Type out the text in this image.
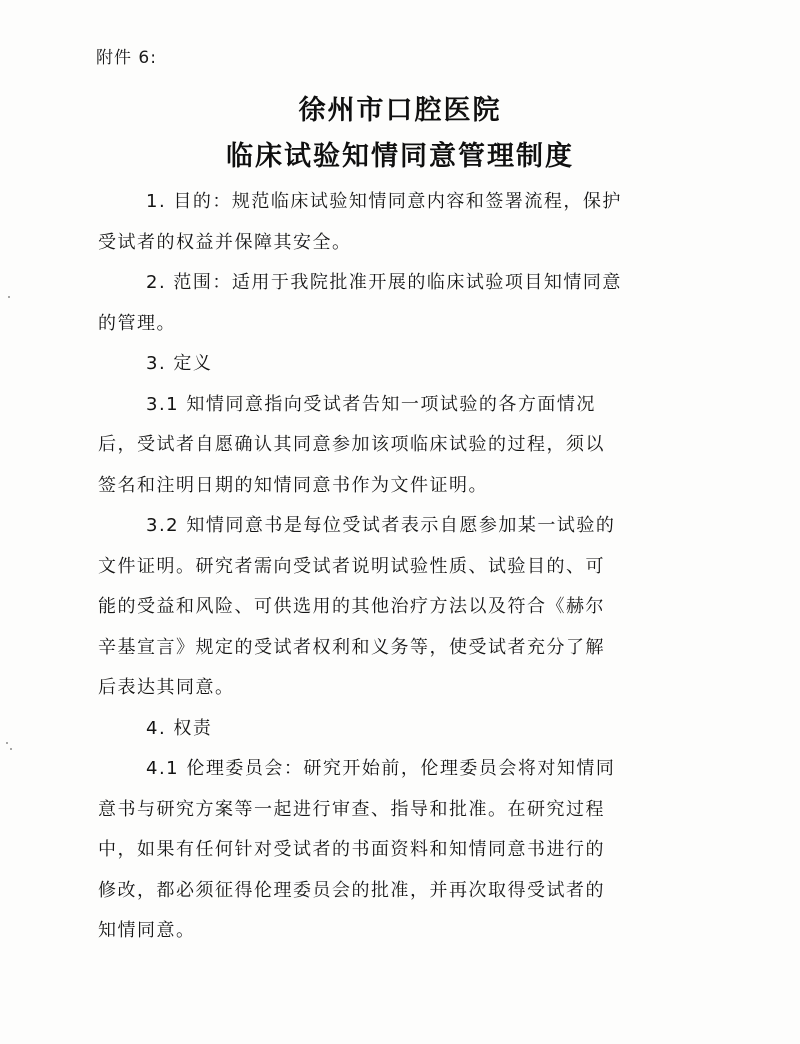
附件 6:
徐州市口腔医院
临床试验知情同意管理制度
1. 目的：规范临床试验知情同意内容和签署流程，保护
受试者的权益并保障其安全。
2. 范围：适用于我院批准开展的临床试验项目知情同意
的管理。
3. 定义
3.1 知情同意指向受试者告知一项试验的各方面情况
后，受试者自愿确认其同意参加该项临床试验的过程，须以
签名和注明日期的知情同意书作为文件证明。
3.2 知情同意书是每位受试者表示自愿参加某一试验的
文件证明。研究者需向受试者说明试验性质、试验目的、可
能的受益和风险、可供选用的其他治疗方法以及符合《赫尔
辛基宣言》规定的受试者权利和义务等，使受试者充分了解
后表达其同意。
4. 权责
4.1 伦理委员会：研究开始前，伦理委员会将对知情同
意书与研究方案等一起进行审查、指导和批准。在研究过程
中，如果有任何针对受试者的书面资料和知情同意书进行的
修改，都必须征得伦理委员会的批准，并再次取得受试者的
知情同意。
